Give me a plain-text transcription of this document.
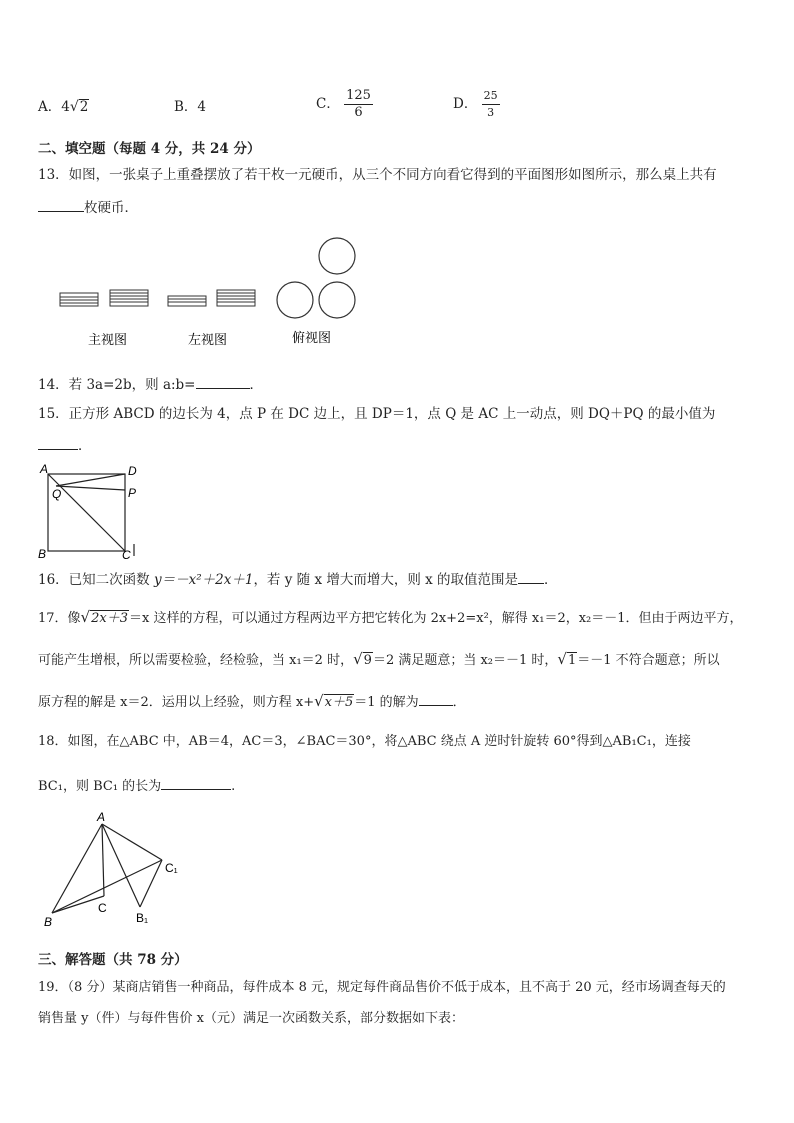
A．4√2	B．4	C． $\frac{125}{6}$	D． $\frac{25}{3}$
二、填空题（每题 4 分，共 24 分）
13．如图，一张桌子上重叠摆放了若干枚一元硬币，从三个不同方向看它得到的平面图形如图所示，那么桌上共有
枚硬币．
主视图	左视图	俯视图
14．若 3a=2b，则 a:b=	．
15．正方形 ABCD 的边长为 4，点 P 在 DC 边上，且 DP＝1，点 Q 是 AC 上一动点，则 DQ＋PQ 的最小值为
．
A	D
Q	P
B	C
16．已知二次函数 y＝－x²＋2x＋1，若 y 随 x 增大而增大，则 x 的取值范围是 ．
17．像√2x＋3＝x 这样的方程，可以通过方程两边平方把它转化为 2x+2=x²，解得 x₁＝2，x₂＝－1．但由于两边平方，
可能产生增根，所以需要检验，经检验，当 x₁＝2 时，√9＝2 满足题意；当 x₂＝－1 时，√1＝－1 不符合题意；所以
原方程的解是 x＝2．运用以上经验，则方程 x+√x＋5＝1 的解为	．
18．如图，在△ABC 中，AB＝4，AC＝3，∠BAC＝30°，将△ABC 绕点 A 逆时针旋转 60°得到△AB₁C₁，连接
BC₁，则 BC₁ 的长为	.
A
C₁
C
B	B₁
三、解答题（共 78 分）
19．（8 分）某商店销售一种商品，每件成本 8 元，规定每件商品售价不低于成本，且不高于 20 元，经市场调查每天的
销售量 y（件）与每件售价 x（元）满足一次函数关系，部分数据如下表：
